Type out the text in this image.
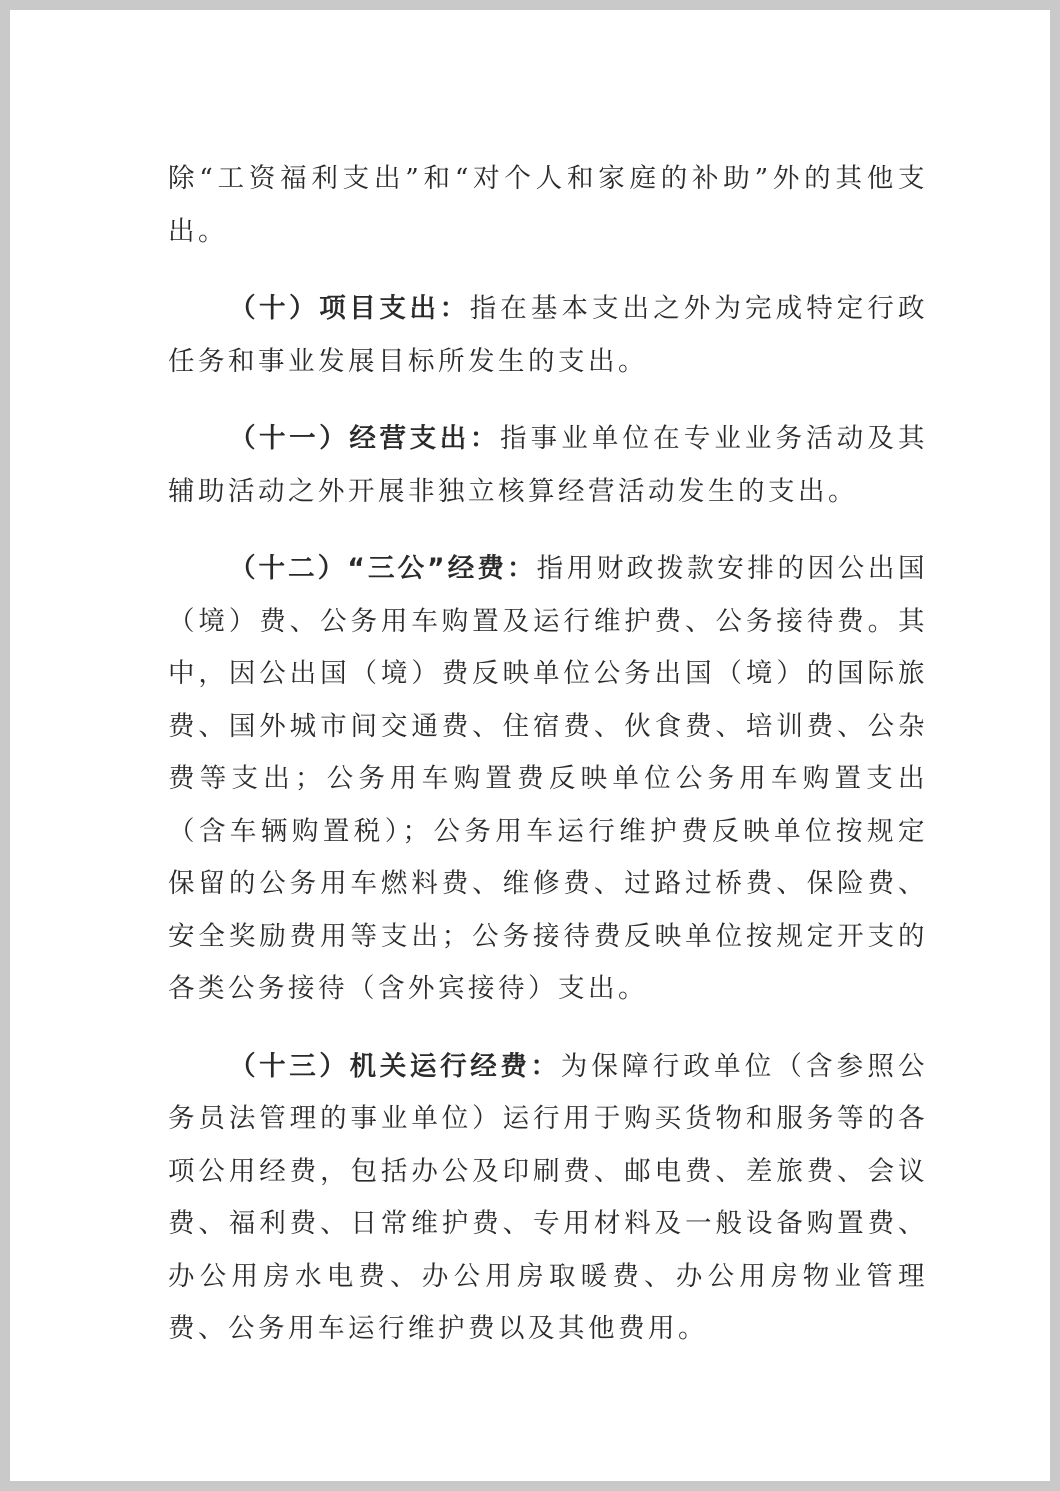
除“工资福利支出”和“对个人和家庭的补助”外的其他支出。

（十）项目支出：指在基本支出之外为完成特定行政任务和事业发展目标所发生的支出。

（十一）经营支出：指事业单位在专业业务活动及其辅助活动之外开展非独立核算经营活动发生的支出。

（十二）“三公”经费：指用财政拨款安排的因公出国（境）费、公务用车购置及运行维护费、公务接待费。其中，因公出国（境）费反映单位公务出国（境）的国际旅费、国外城市间交通费、住宿费、伙食费、培训费、公杂费等支出；公务用车购置费反映单位公务用车购置支出（含车辆购置税）；公务用车运行维护费反映单位按规定保留的公务用车燃料费、维修费、过路过桥费、保险费、安全奖励费用等支出；公务接待费反映单位按规定开支的各类公务接待（含外宾接待）支出。

（十三）机关运行经费：为保障行政单位（含参照公务员法管理的事业单位）运行用于购买货物和服务等的各项公用经费，包括办公及印刷费、邮电费、差旅费、会议费、福利费、日常维护费、专用材料及一般设备购置费、办公用房水电费、办公用房取暖费、办公用房物业管理费、公务用车运行维护费以及其他费用。
